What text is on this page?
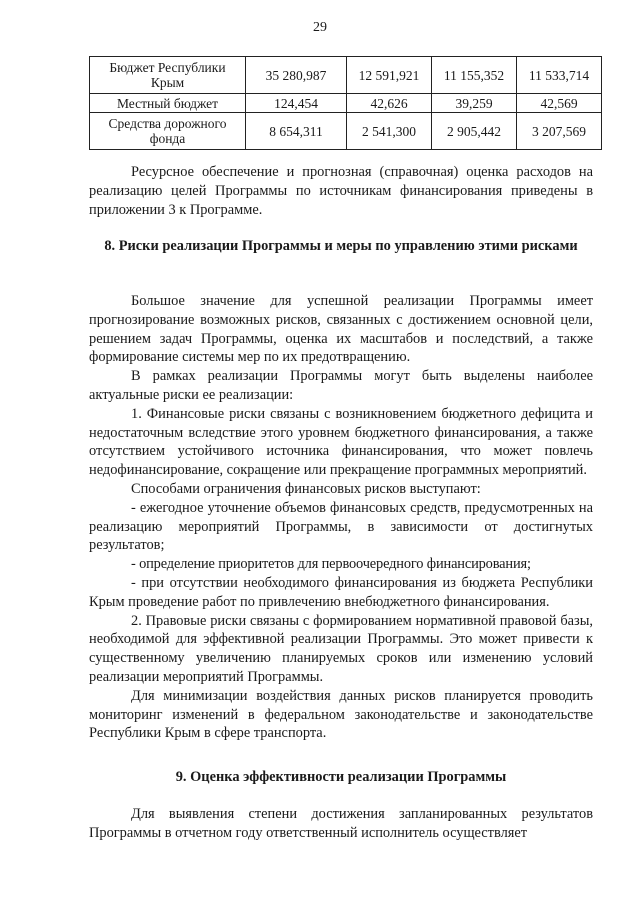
29
Бюджет Республики Крым	35 280,987	12 591,921	11 155,352	11 533,714
Местный бюджет	124,454	42,626	39,259	42,569
Средства дорожного фонда	8 654,311	2 541,300	2 905,442	3 207,569

Ресурсное обеспечение и прогнозная (справочная) оценка расходов на реализацию целей Программы по источникам финансирования приведены в приложении 3 к Программе.

8. Риски реализации Программы и меры по управлению этими рисками

Большое значение для успешной реализации Программы имеет прогнозирование возможных рисков, связанных с достижением основной цели, решением задач Программы, оценка их масштабов и последствий, а также формирование системы мер по их предотвращению.

В рамках реализации Программы могут быть выделены наиболее актуальные риски ее реализации:

1. Финансовые риски связаны с возникновением бюджетного дефицита и недостаточным вследствие этого уровнем бюджетного финансирования, а также отсутствием устойчивого источника финансирования, что может повлечь недофинансирование, сокращение или прекращение программных мероприятий.

Способами ограничения финансовых рисков выступают:

- ежегодное уточнение объемов финансовых средств, предусмотренных на реализацию мероприятий Программы, в зависимости от достигнутых результатов;

- определение приоритетов для первоочередного финансирования;

- при отсутствии необходимого финансирования из бюджета Республики Крым проведение работ по привлечению внебюджетного финансирования.

2. Правовые риски связаны с формированием нормативной правовой базы, необходимой для эффективной реализации Программы. Это может привести к существенному увеличению планируемых сроков или изменению условий реализации мероприятий Программы.

Для минимизации воздействия данных рисков планируется проводить мониторинг изменений в федеральном законодательстве и законодательстве Республики Крым в сфере транспорта.

9. Оценка эффективности реализации Программы

Для выявления степени достижения запланированных результатов Программы в отчетном году ответственный исполнитель осуществляет
